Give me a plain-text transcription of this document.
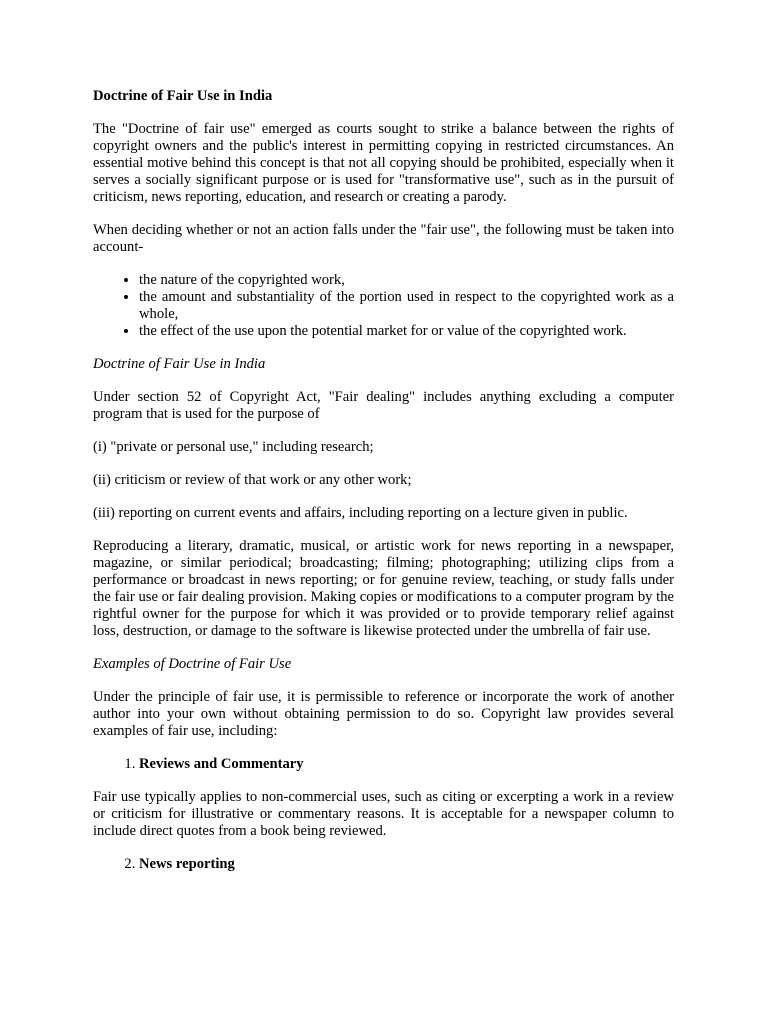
Doctrine of Fair Use in India

The "Doctrine of fair use" emerged as courts sought to strike a balance between the rights of copyright owners and the public's interest in permitting copying in restricted circumstances. An essential motive behind this concept is that not all copying should be prohibited, especially when it serves a socially significant purpose or is used for "transformative use", such as in the pursuit of criticism, news reporting, education, and research or creating a parody.

When deciding whether or not an action falls under the "fair use", the following must be taken into account-

• the nature of the copyrighted work,
• the amount and substantiality of the portion used in respect to the copyrighted work as a whole,
• the effect of the use upon the potential market for or value of the copyrighted work.

Doctrine of Fair Use in India

Under section 52 of Copyright Act, "Fair dealing" includes anything excluding a computer program that is used for the purpose of

(i) "private or personal use," including research;

(ii) criticism or review of that work or any other work;

(iii) reporting on current events and affairs, including reporting on a lecture given in public.

Reproducing a literary, dramatic, musical, or artistic work for news reporting in a newspaper, magazine, or similar periodical; broadcasting; filming; photographing; utilizing clips from a performance or broadcast in news reporting; or for genuine review, teaching, or study falls under the fair use or fair dealing provision. Making copies or modifications to a computer program by the rightful owner for the purpose for which it was provided or to provide temporary relief against loss, destruction, or damage to the software is likewise protected under the umbrella of fair use.

Examples of Doctrine of Fair Use

Under the principle of fair use, it is permissible to reference or incorporate the work of another author into your own without obtaining permission to do so. Copyright law provides several examples of fair use, including:

1. Reviews and Commentary

Fair use typically applies to non-commercial uses, such as citing or excerpting a work in a review or criticism for illustrative or commentary reasons. It is acceptable for a newspaper column to include direct quotes from a book being reviewed.

2. News reporting
